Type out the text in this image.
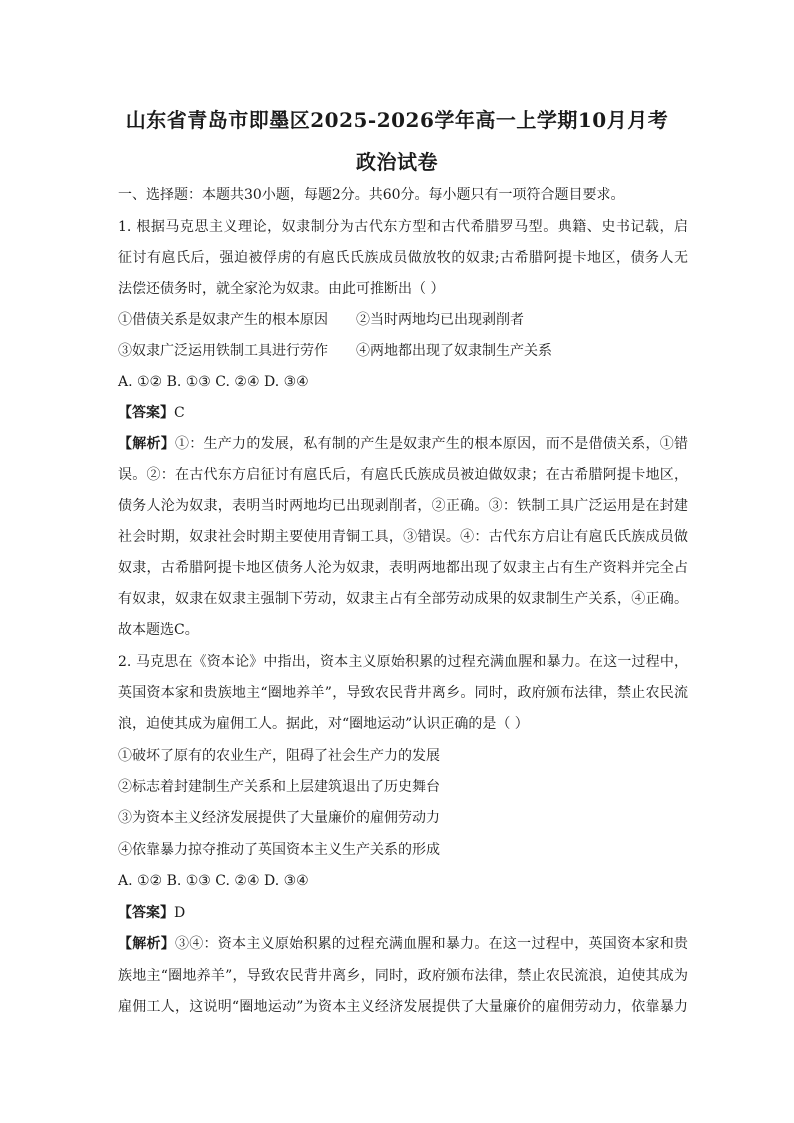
山东省青岛市即墨区2025-2026学年高一上学期10月月考
政治试卷
一、选择题：本题共30小题，每题2分。共60分。每小题只有一项符合题目要求。
1. 根据马克思主义理论，奴隶制分为古代东方型和古代希腊罗马型。典籍、史书记载，启
征讨有扈氏后，强迫被俘虏的有扈氏氏族成员做放牧的奴隶;古希腊阿提卡地区，债务人无
法偿还债务时，就全家沦为奴隶。由此可推断出（ ）
①借债关系是奴隶产生的根本原因 ②当时两地均已出现剥削者
③奴隶广泛运用铁制工具进行劳作 ④两地都出现了奴隶制生产关系
A. ①② B. ①③ C. ②④ D. ③④
【答案】C
【解析】①：生产力的发展，私有制的产生是奴隶产生的根本原因，而不是借债关系，①错
误。②：在古代东方启征讨有扈氏后，有扈氏氏族成员被迫做奴隶；在古希腊阿提卡地区，
债务人沦为奴隶，表明当时两地均已出现剥削者，②正确。③：铁制工具广泛运用是在封建
社会时期，奴隶社会时期主要使用青铜工具，③错误。④：古代东方启让有扈氏氏族成员做
奴隶，古希腊阿提卡地区债务人沦为奴隶，表明两地都出现了奴隶主占有生产资料并完全占
有奴隶，奴隶在奴隶主强制下劳动，奴隶主占有全部劳动成果的奴隶制生产关系，④正确。
故本题选C。
2. 马克思在《资本论》中指出，资本主义原始积累的过程充满血腥和暴力。在这一过程中，
英国资本家和贵族地主“圈地养羊”，导致农民背井离乡。同时，政府颁布法律，禁止农民流
浪，迫使其成为雇佣工人。据此，对“圈地运动”认识正确的是（ ）
①破坏了原有的农业生产，阻碍了社会生产力的发展
②标志着封建制生产关系和上层建筑退出了历史舞台
③为资本主义经济发展提供了大量廉价的雇佣劳动力
④依靠暴力掠夺推动了英国资本主义生产关系的形成
A. ①② B. ①③ C. ②④ D. ③④
【答案】D
【解析】③④：资本主义原始积累的过程充满血腥和暴力。在这一过程中，英国资本家和贵
族地主“圈地养羊”，导致农民背井离乡，同时，政府颁布法律，禁止农民流浪，迫使其成为
雇佣工人，这说明“圈地运动”为资本主义经济发展提供了大量廉价的雇佣劳动力，依靠暴力
